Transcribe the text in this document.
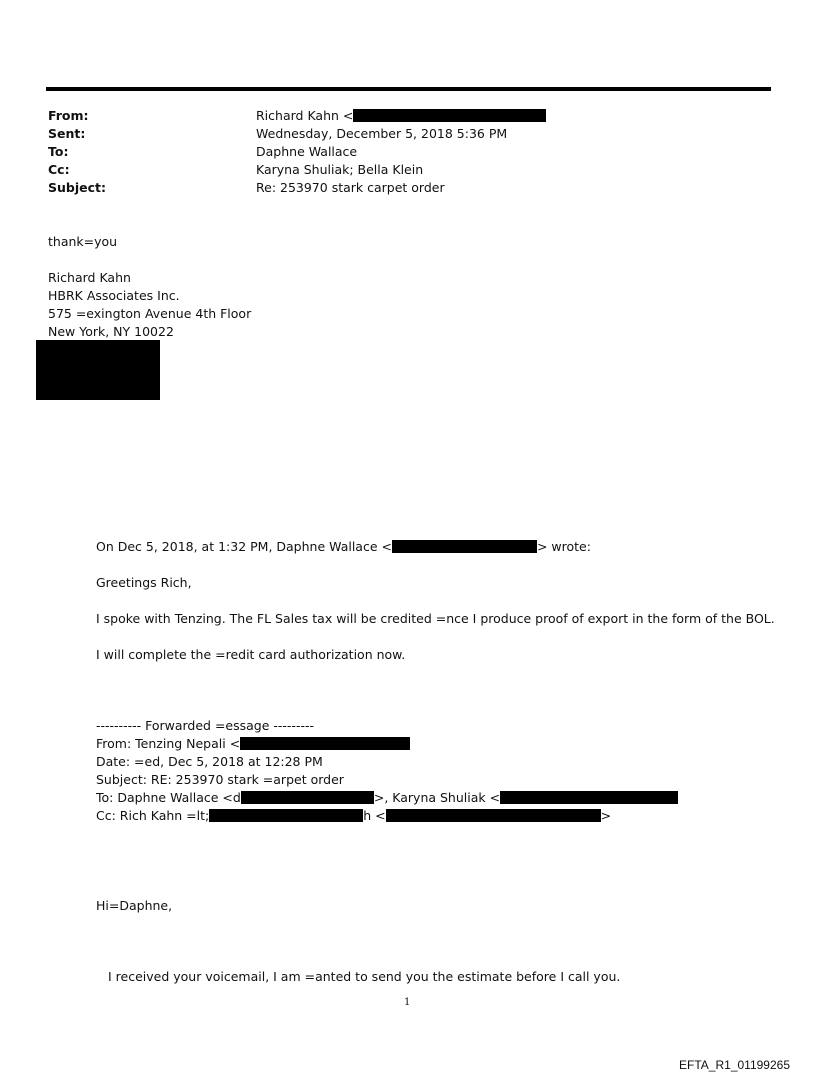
From:	Richard Kahn <
Sent:	Wednesday, December 5, 2018 5:36 PM
To:	Daphne Wallace
Cc:	Karyna Shuliak; Bella Klein
Subject:	Re: 253970 stark carpet order
thank=you
Richard Kahn
HBRK Associates Inc.
575 =exington Avenue 4th Floor
New York, NY 10022
On Dec 5, 2018, at 1:32 PM, Daphne Wallace <	> wrote:
Greetings Rich,
I spoke with Tenzing. The FL Sales tax will be credited =nce I produce proof of export in the form of the BOL.
I will complete the =redit card authorization now.
---------- Forwarded =essage ---------
From: Tenzing Nepali <
Date: =ed, Dec 5, 2018 at 12:28 PM
Subject: RE: 253970 stark =arpet order
To: Daphne Wallace <d	>, Karyna Shuliak <
Cc: Rich Kahn =lt;	h <	>
Hi=Daphne,
I received your voicemail, I am =anted to send you the estimate before I call you.
1
EFTA_R1_01199265
